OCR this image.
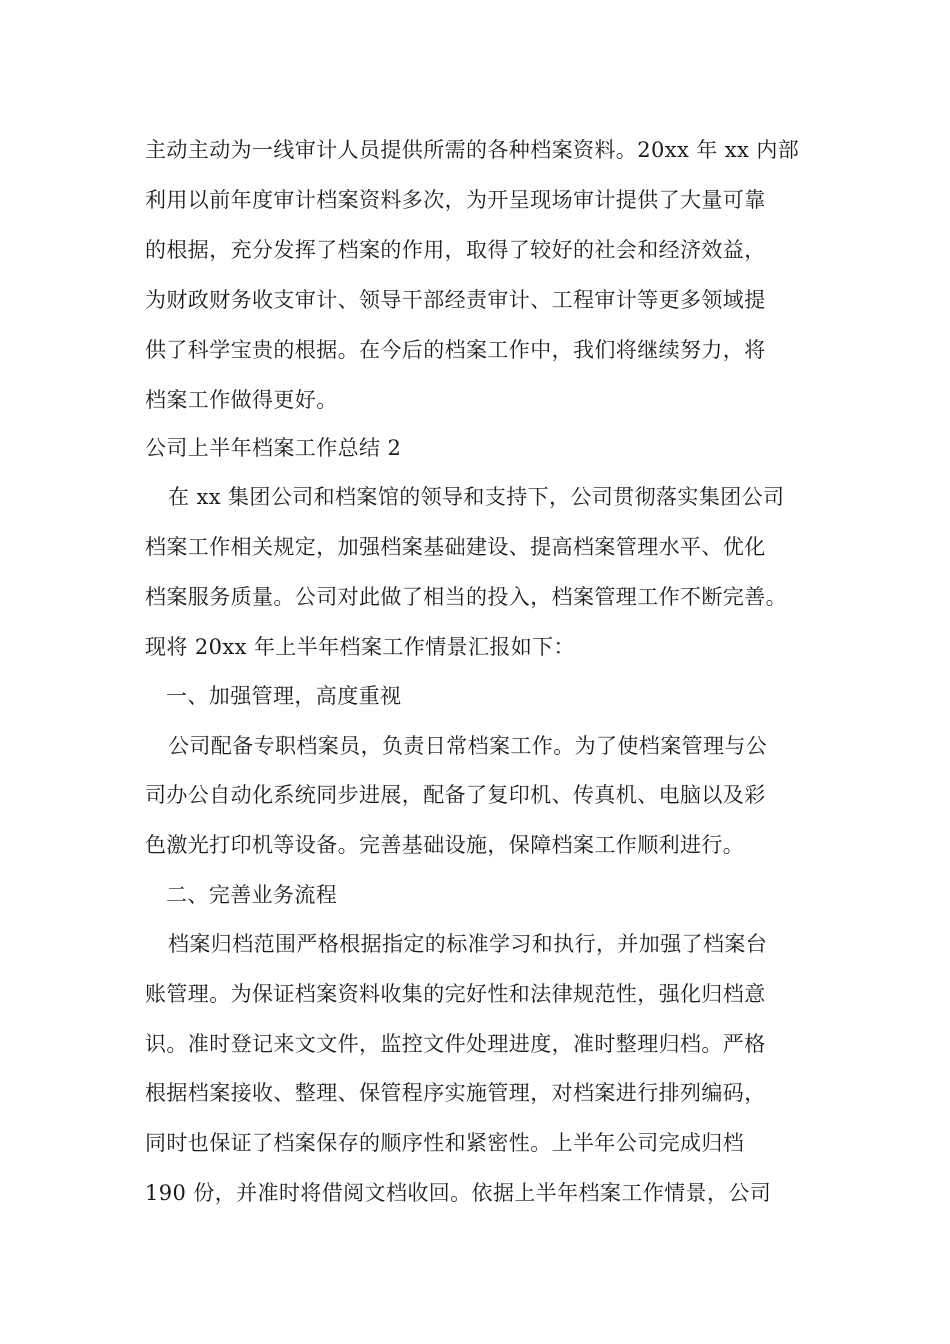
主动主动为一线审计人员提供所需的各种档案资料。20xx 年 xx 内部
利用以前年度审计档案资料多次，为开呈现场审计提供了大量可靠
的根据，充分发挥了档案的作用，取得了较好的社会和经济效益，
为财政财务收支审计、领导干部经责审计、工程审计等更多领域提
供了科学宝贵的根据。在今后的档案工作中，我们将继续努力，将
档案工作做得更好。
公司上半年档案工作总结 2
在 xx 集团公司和档案馆的领导和支持下，公司贯彻落实集团公司
档案工作相关规定，加强档案基础建设、提高档案管理水平、优化
档案服务质量。公司对此做了相当的投入，档案管理工作不断完善。
现将 20xx 年上半年档案工作情景汇报如下：
一、加强管理，高度重视
公司配备专职档案员，负责日常档案工作。为了使档案管理与公
司办公自动化系统同步进展，配备了复印机、传真机、电脑以及彩
色激光打印机等设备。完善基础设施，保障档案工作顺利进行。
二、完善业务流程
档案归档范围严格根据指定的标准学习和执行，并加强了档案台
账管理。为保证档案资料收集的完好性和法律规范性，强化归档意
识。准时登记来文文件，监控文件处理进度，准时整理归档。严格
根据档案接收、整理、保管程序实施管理，对档案进行排列编码，
同时也保证了档案保存的顺序性和紧密性。上半年公司完成归档
190 份，并准时将借阅文档收回。依据上半年档案工作情景，公司
